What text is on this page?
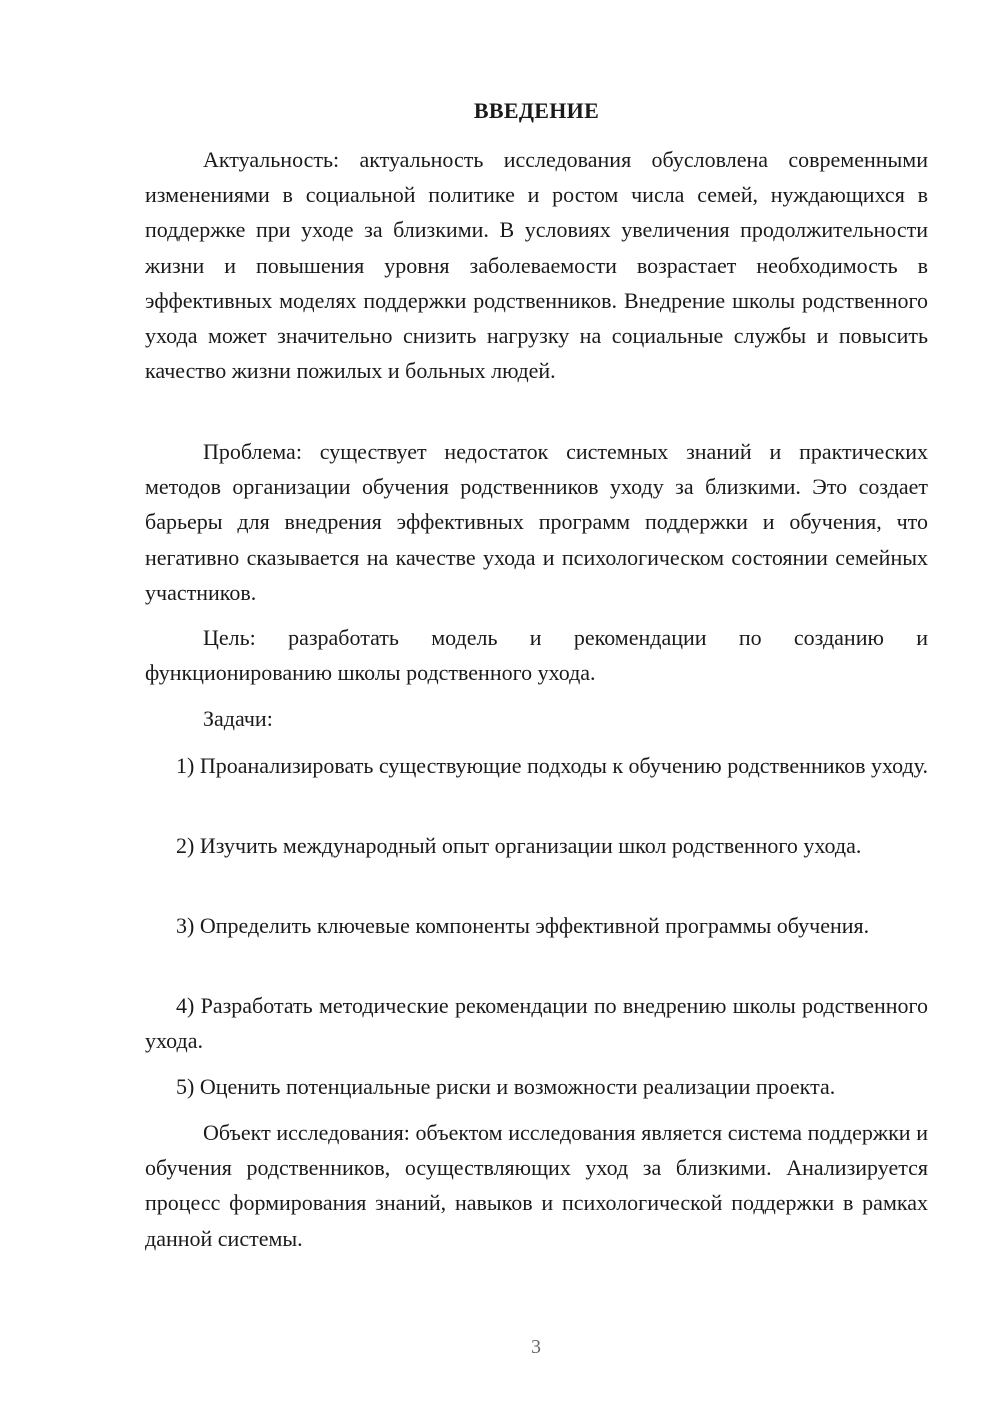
ВВЕДЕНИЕ

Актуальность: актуальность исследования обусловлена современными изменениями в социальной политике и ростом числа семей, нуждающихся в поддержке при уходе за близкими. В условиях увеличения продолжительности жизни и повышения уровня заболеваемости возрастает необходимость в эффективных моделях поддержки родственников. Внедрение школы родственного ухода может значительно снизить нагрузку на социальные службы и повысить качество жизни пожилых и больных людей.

Проблема: существует недостаток системных знаний и практических методов организации обучения родственников уходу за близкими. Это создает барьеры для внедрения эффективных программ поддержки и обучения, что негативно сказывается на качестве ухода и психологическом состоянии семейных участников.

Цель: разработать модель и рекомендации по созданию и функционированию школы родственного ухода.

Задачи:

1) Проанализировать существующие подходы к обучению родственников уходу.

2) Изучить международный опыт организации школ родственного ухода.

3) Определить ключевые компоненты эффективной программы обучения.

4) Разработать методические рекомендации по внедрению школы родственного ухода.

5) Оценить потенциальные риски и возможности реализации проекта.

Объект исследования: объектом исследования является система поддержки и обучения родственников, осуществляющих уход за близкими. Анализируется процесс формирования знаний, навыков и психологической поддержки в рамках данной системы.

3
